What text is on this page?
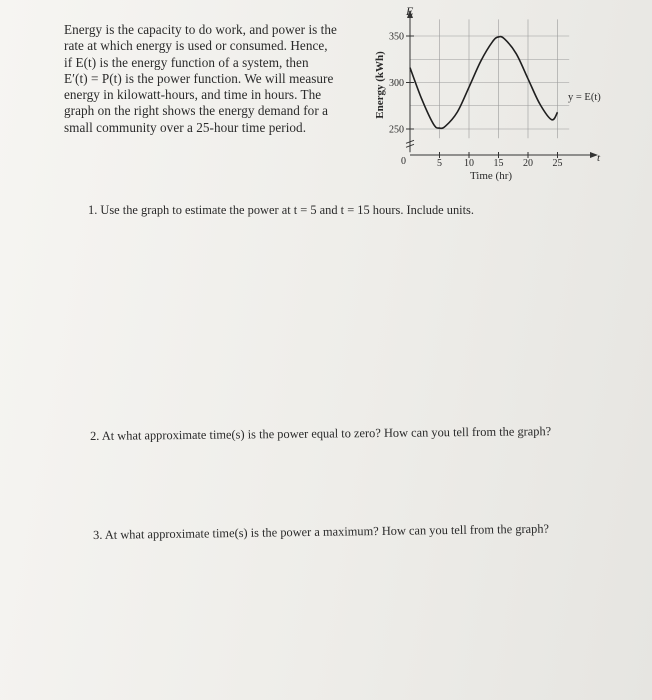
Energy is the capacity to do work, and power is the
rate at which energy is used or consumed. Hence,
if E(t) is the energy function of a system, then
E′(t) = P(t) is the power function. We will measure
energy in kilowatt-hours, and time in hours. The
graph on the right shows the energy demand for a
small community over a 25-hour time period.	250
300
350
5 10 15 20 25
Energy (kWh)
Time (hr)
E
t
y = E(t)
0
1. Use the graph to estimate the power at t = 5 and t = 15 hours. Include units.
2. At what approximate time(s) is the power equal to zero? How can you tell from the graph?
3. At what approximate time(s) is the power a maximum? How can you tell from the graph?
